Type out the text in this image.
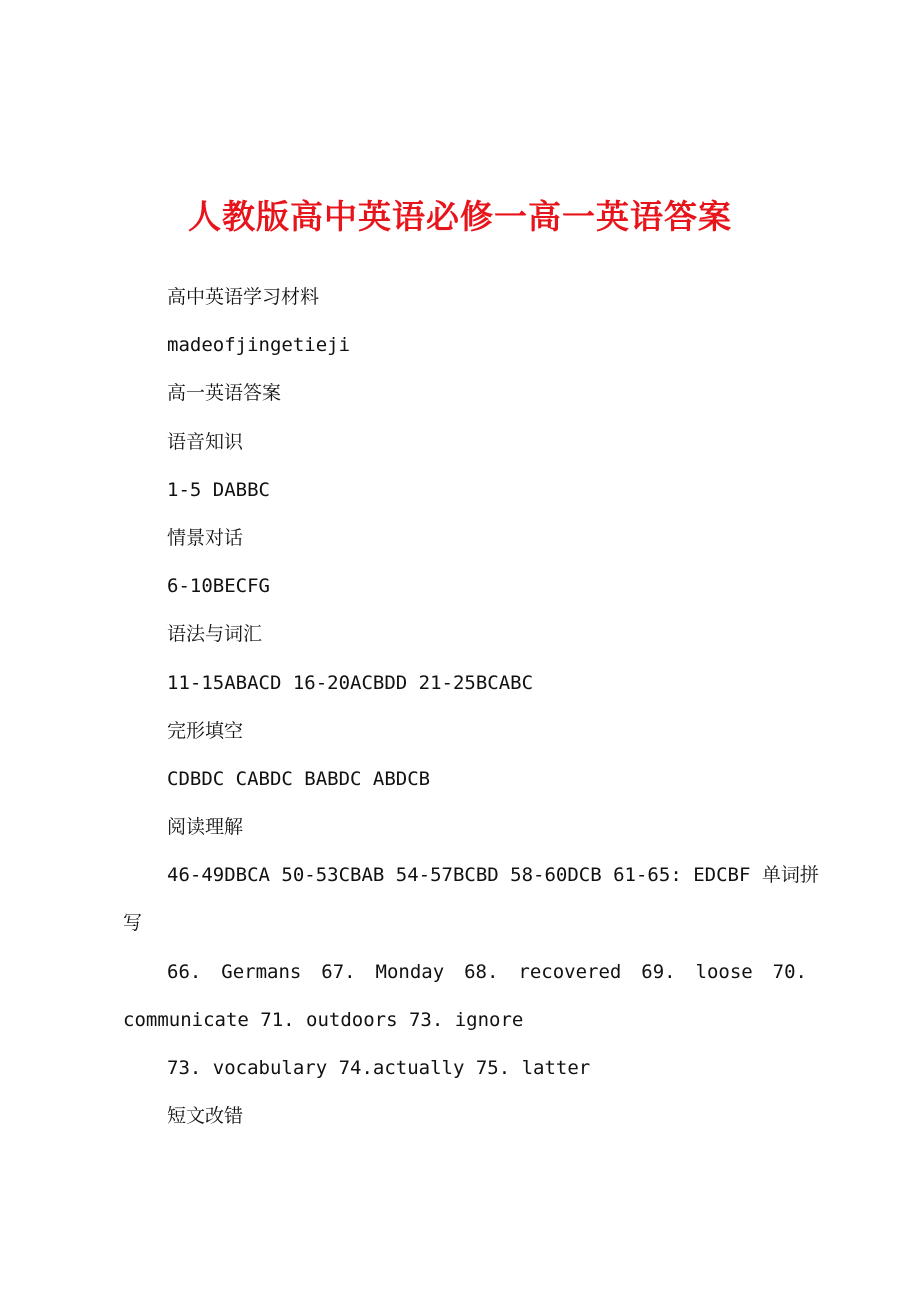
人教版高中英语必修一高一英语答案

高中英语学习材料

madeofjingetieji

高一英语答案

语音知识

1-5 DABBC

情景对话

6-10BECFG

语法与词汇

11-15ABACD 16-20ACBDD 21-25BCABC

完形填空

CDBDC CABDC BABDC ABDCB

阅读理解

46-49DBCA 50-53CBAB 54-57BCBD 58-60DCB 61-65: EDCBF 单词拼

写

66. Germans 67. Monday 68. recovered 69. loose 70.

communicate 71. outdoors 73. ignore

73. vocabulary 74.actually 75. latter

短文改错
